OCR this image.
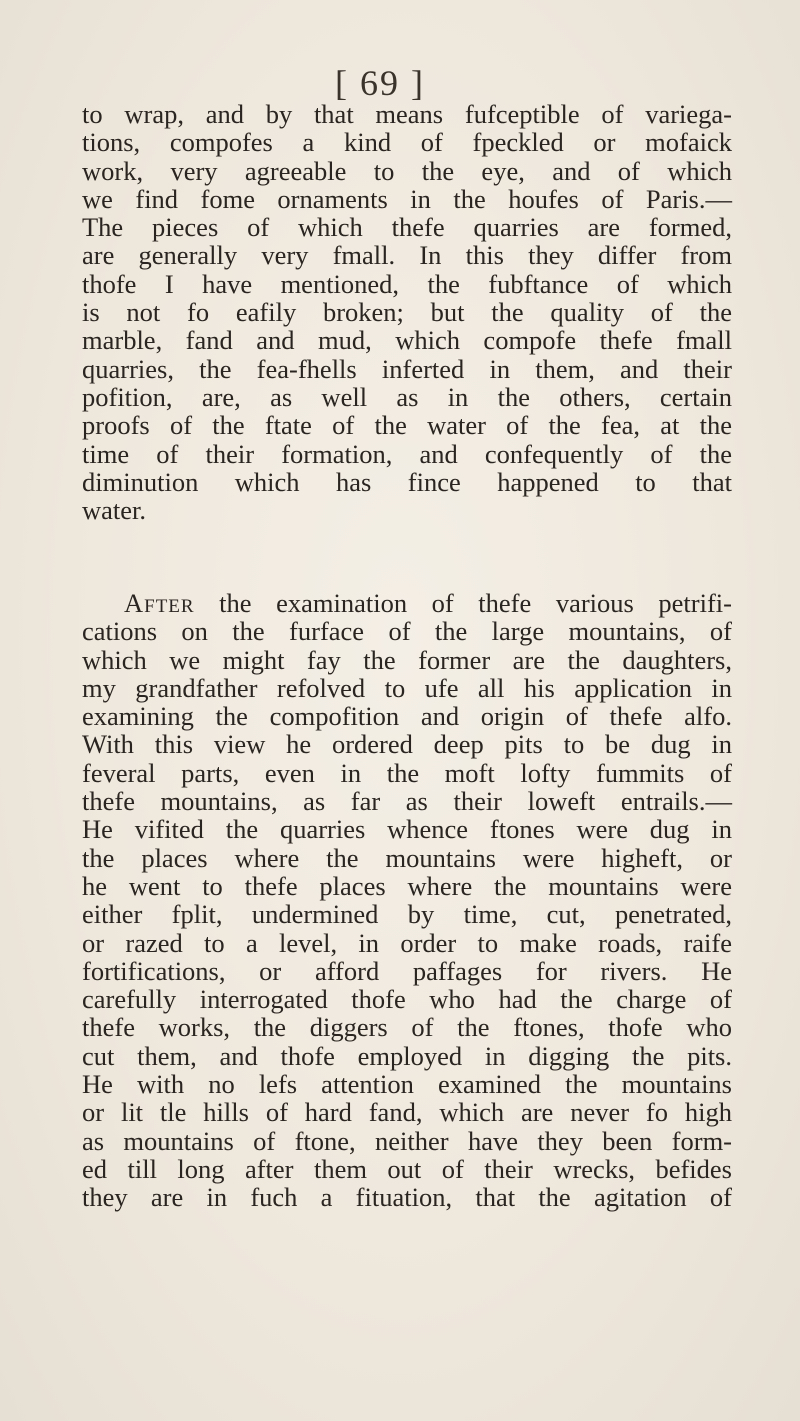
[ 69 ]
to wrap, and by that means fufceptible of variega-
tions, compofes a kind of fpeckled or mofaick
work, very agreeable to the eye, and of which
we find fome ornaments in the houfes of Paris.—
The pieces of which thefe quarries are formed,
are generally very fmall. In this they differ from
thofe I have mentioned, the fubftance of which
is not fo eafily broken; but the quality of the
marble, fand and mud, which compofe thefe fmall
quarries, the fea-fhells inferted in them, and their
pofition, are, as well as in the others, certain
proofs of the ftate of the water of the fea, at the
time of their formation, and confequently of the
diminution which has fince happened to that
water.
After the examination of thefe various petrifi-
cations on the furface of the large mountains, of
which we might fay the former are the daughters,
my grandfather refolved to ufe all his application in
examining the compofition and origin of thefe alfo.
With this view he ordered deep pits to be dug in
feveral parts, even in the moft lofty fummits of
thefe mountains, as far as their loweft entrails.—
He vifited the quarries whence ftones were dug in
the places where the mountains were higheft, or
he went to thefe places where the mountains were
either fplit, undermined by time, cut, penetrated,
or razed to a level, in order to make roads, raife
fortifications, or afford paffages for rivers. He
carefully interrogated thofe who had the charge of
thefe works, the diggers of the ftones, thofe who
cut them, and thofe employed in digging the pits.
He with no lefs attention examined the mountains
or lit tle hills of hard fand, which are never fo high
as mountains of ftone, neither have they been form-
ed till long after them out of their wrecks, befides
they are in fuch a fituation, that the agitation of
